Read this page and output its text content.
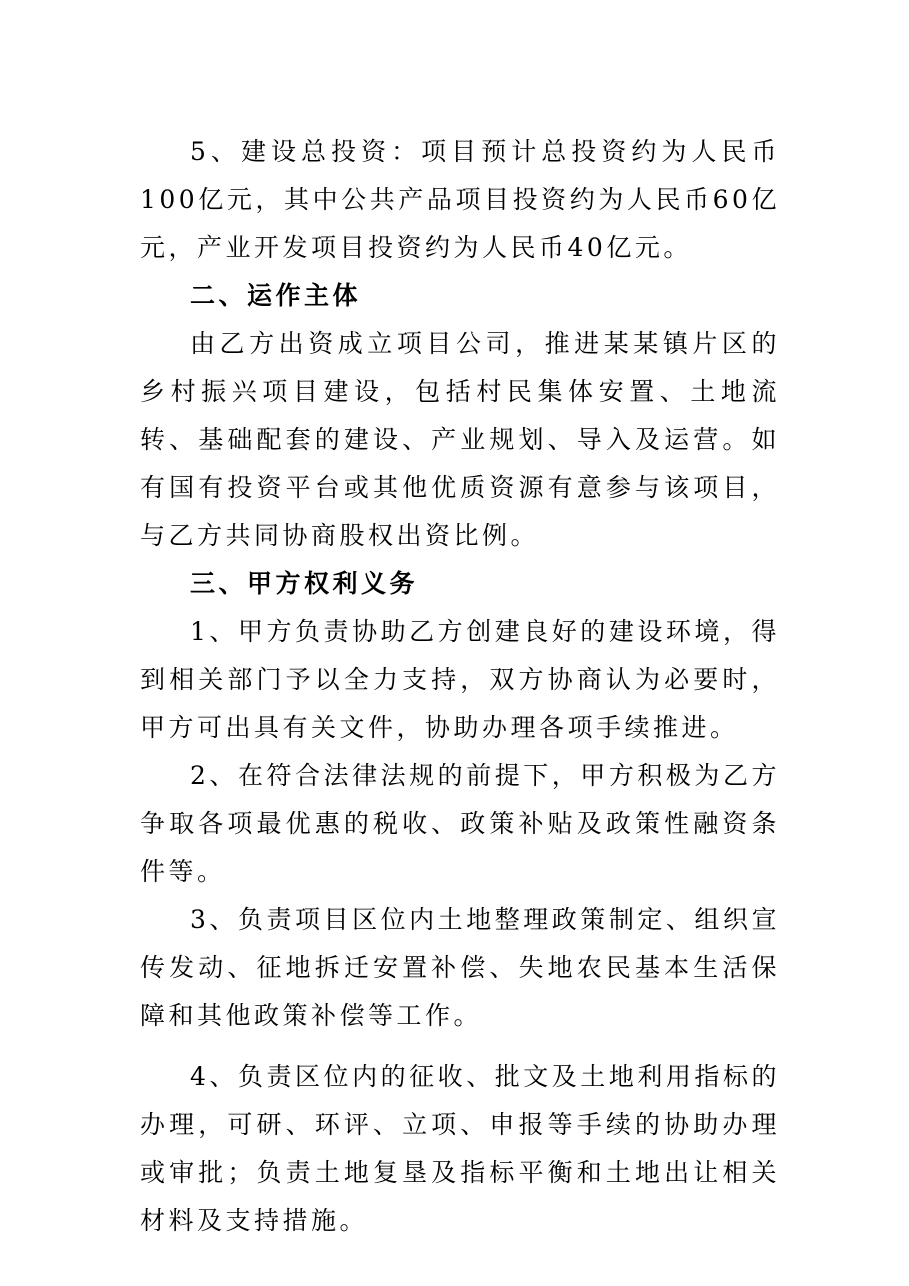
5、建设总投资：项目预计总投资约为人民币100亿元，其中公共产品项目投资约为人民币60亿元，产业开发项目投资约为人民币40亿元。

二、运作主体

由乙方出资成立项目公司，推进某某镇片区的乡村振兴项目建设，包括村民集体安置、土地流转、基础配套的建设、产业规划、导入及运营。如有国有投资平台或其他优质资源有意参与该项目，与乙方共同协商股权出资比例。

三、甲方权利义务

1、甲方负责协助乙方创建良好的建设环境，得到相关部门予以全力支持，双方协商认为必要时，甲方可出具有关文件，协助办理各项手续推进。

2、在符合法律法规的前提下，甲方积极为乙方争取各项最优惠的税收、政策补贴及政策性融资条件等。

3、负责项目区位内土地整理政策制定、组织宣传发动、征地拆迁安置补偿、失地农民基本生活保障和其他政策补偿等工作。

4、负责区位内的征收、批文及土地利用指标的办理，可研、环评、立项、申报等手续的协助办理或审批；负责土地复垦及指标平衡和土地出让相关材料及支持措施。
